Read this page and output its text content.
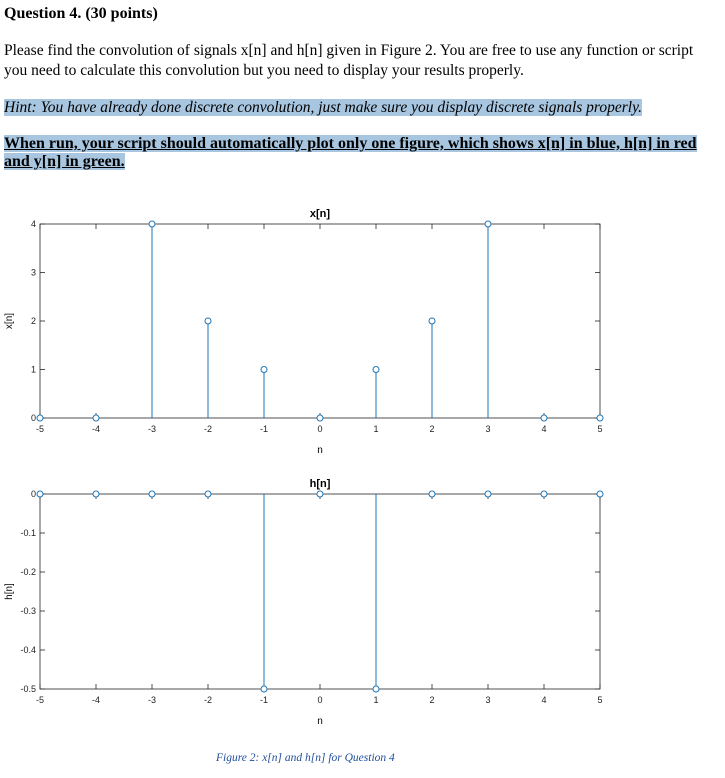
Question 4. (30 points)
Please find the convolution of signals x[n] and h[n] given in Figure 2. You are free to use any function or script you need to calculate this convolution but you need to display your results properly.
Hint: You have already done discrete convolution, just make sure you display discrete signals properly.
When run, your script should automatically plot only one figure, which shows x[n] in blue, h[n] in red and y[n] in green.
-5	-4	-3	-2	-1	0	1	2	3	4	5
0
1
2
3
4
x[n]
n
x[n]
-5	-4	-3	-2	-1	0	1	2	3	4	5
0
-0.1
-0.2
-0.3
-0.4
-0.5
h[n]
n
h[n]
Figure 2: x[n] and h[n] for Question 4
